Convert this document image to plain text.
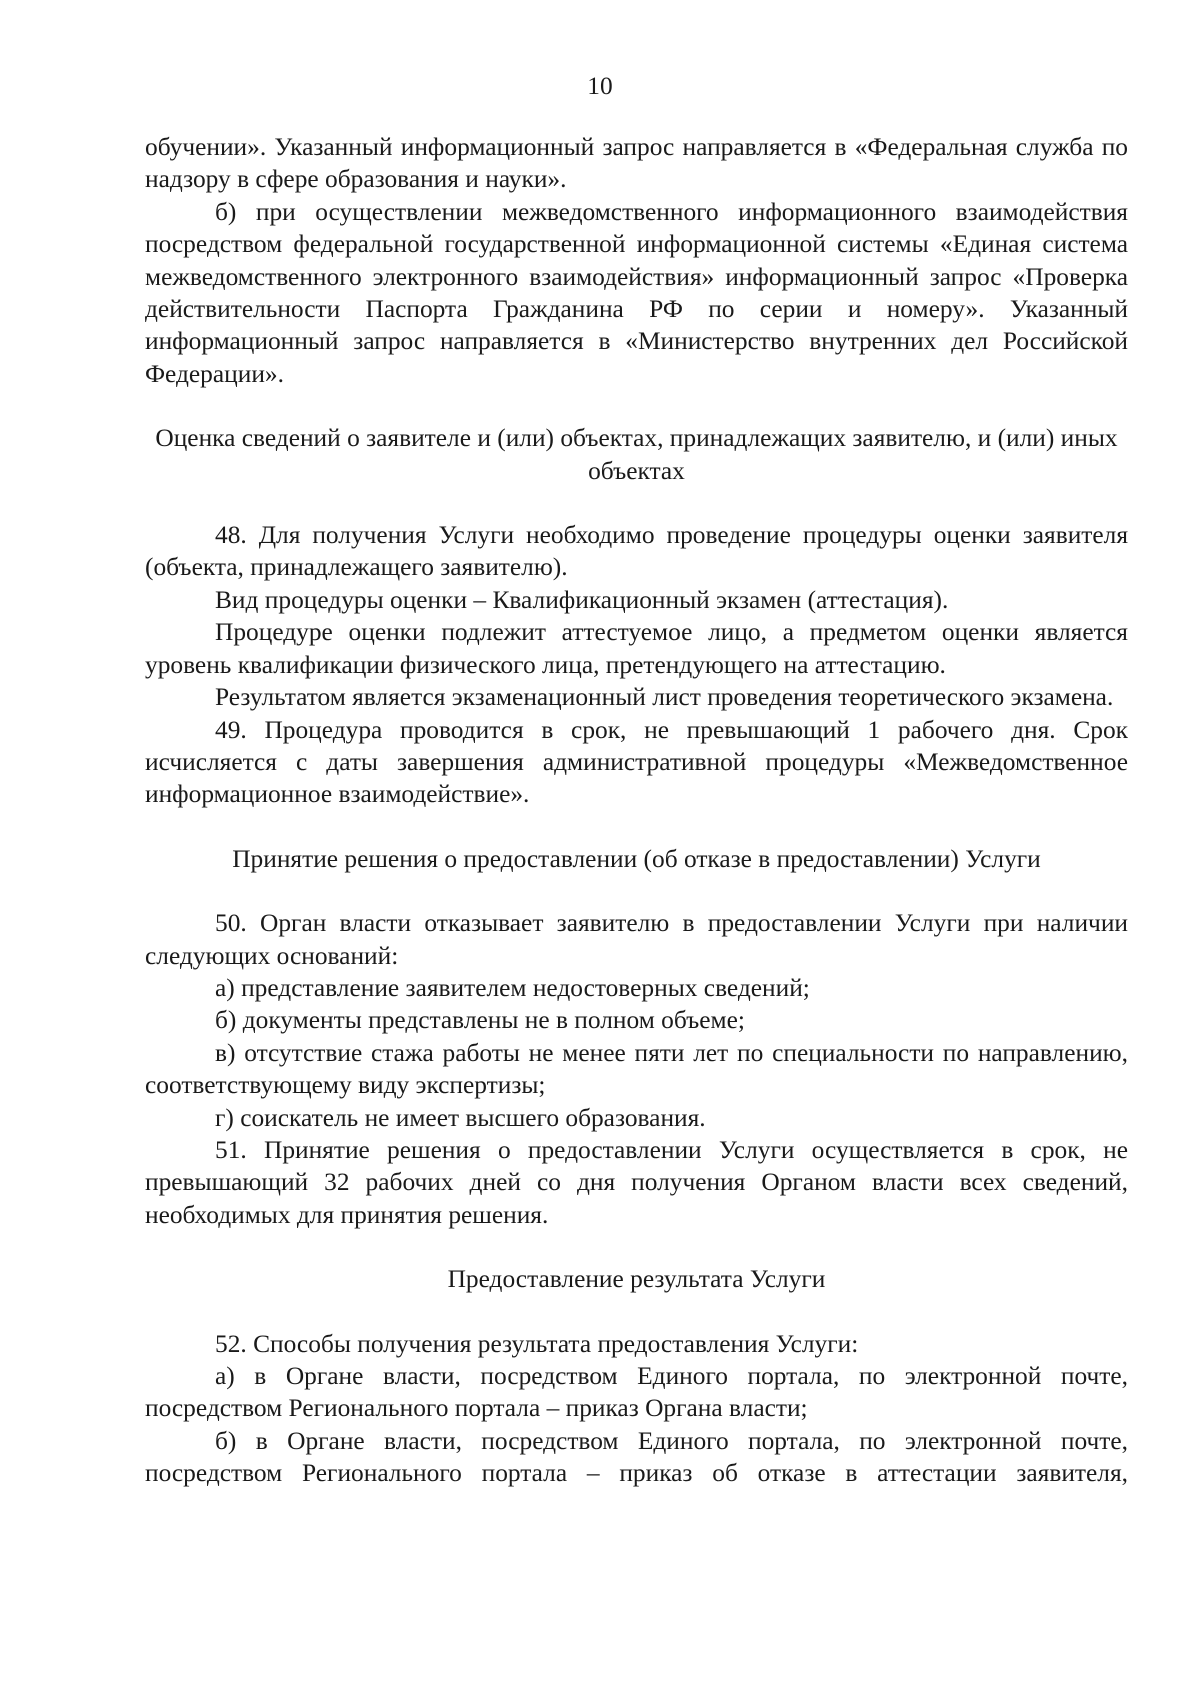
10

обучении». Указанный информационный запрос направляется в «Федеральная служба по надзору в сфере образования и науки».

б) при осуществлении межведомственного информационного взаимодействия посредством федеральной государственной информационной системы «Единая система межведомственного электронного взаимодействия» информационный запрос «Проверка действительности Паспорта Гражданина РФ по серии и номеру». Указанный информационный запрос направляется в «Министерство внутренних дел Российской Федерации».

Оценка сведений о заявителе и (или) объектах, принадлежащих заявителю, и (или) иных объектах

48. Для получения Услуги необходимо проведение процедуры оценки заявителя (объекта, принадлежащего заявителю).

Вид процедуры оценки – Квалификационный экзамен (аттестация).

Процедуре оценки подлежит аттестуемое лицо, а предметом оценки является уровень квалификации физического лица, претендующего на аттестацию.

Результатом является экзаменационный лист проведения теоретического экзамена.

49. Процедура проводится в срок, не превышающий 1 рабочего дня. Срок исчисляется с даты завершения административной процедуры «Межведомственное информационное взаимодействие».

Принятие решения о предоставлении (об отказе в предоставлении) Услуги

50. Орган власти отказывает заявителю в предоставлении Услуги при наличии следующих оснований:

а) представление заявителем недостоверных сведений;

б) документы представлены не в полном объеме;

в) отсутствие стажа работы не менее пяти лет по специальности по направлению, соответствующему виду экспертизы;

г) соискатель не имеет высшего образования.

51. Принятие решения о предоставлении Услуги осуществляется в срок, не превышающий 32 рабочих дней со дня получения Органом власти всех сведений, необходимых для принятия решения.

Предоставление результата Услуги

52. Способы получения результата предоставления Услуги:

а) в Органе власти, посредством Единого портала, по электронной почте, посредством Регионального портала – приказ Органа власти;

б) в Органе власти, посредством Единого портала, по электронной почте, посредством Регионального портала – приказ об отказе в аттестации заявителя,
